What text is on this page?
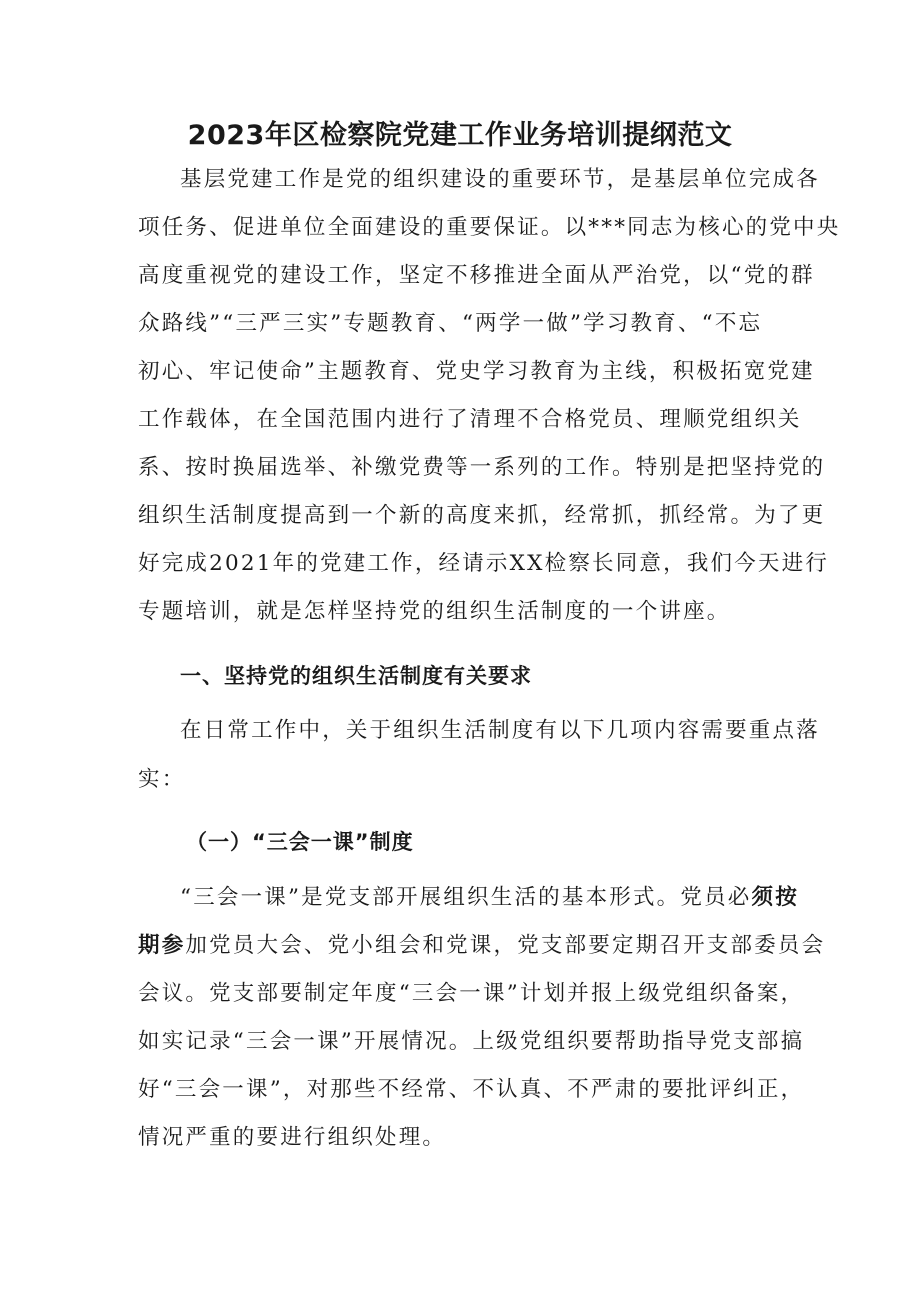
2023年区检察院党建工作业务培训提纲范文

基层党建工作是党的组织建设的重要环节，是基层单位完成各

项任务、促进单位全面建设的重要保证。以***同志为核心的党中央

高度重视党的建设工作，坚定不移推进全面从严治党，以“党的群

众路线”“三严三实”专题教育、“两学一做”学习教育、“不忘

初心、牢记使命”主题教育、党史学习教育为主线，积极拓宽党建

工作载体，在全国范围内进行了清理不合格党员、理顺党组织关

系、按时换届选举、补缴党费等一系列的工作。特别是把坚持党的

组织生活制度提高到一个新的高度来抓，经常抓，抓经常。为了更

好完成2021年的党建工作，经请示XX检察长同意，我们今天进行

专题培训，就是怎样坚持党的组织生活制度的一个讲座。

一、坚持党的组织生活制度有关要求

在日常工作中，关于组织生活制度有以下几项内容需要重点落

实：

（一）“三会一课”制度

“三会一课”是党支部开展组织生活的基本形式。党员必须按

期参加党员大会、党小组会和党课，党支部要定期召开支部委员会

会议。党支部要制定年度“三会一课”计划并报上级党组织备案，

如实记录“三会一课”开展情况。上级党组织要帮助指导党支部搞

好“三会一课”，对那些不经常、不认真、不严肃的要批评纠正，

情况严重的要进行组织处理。
